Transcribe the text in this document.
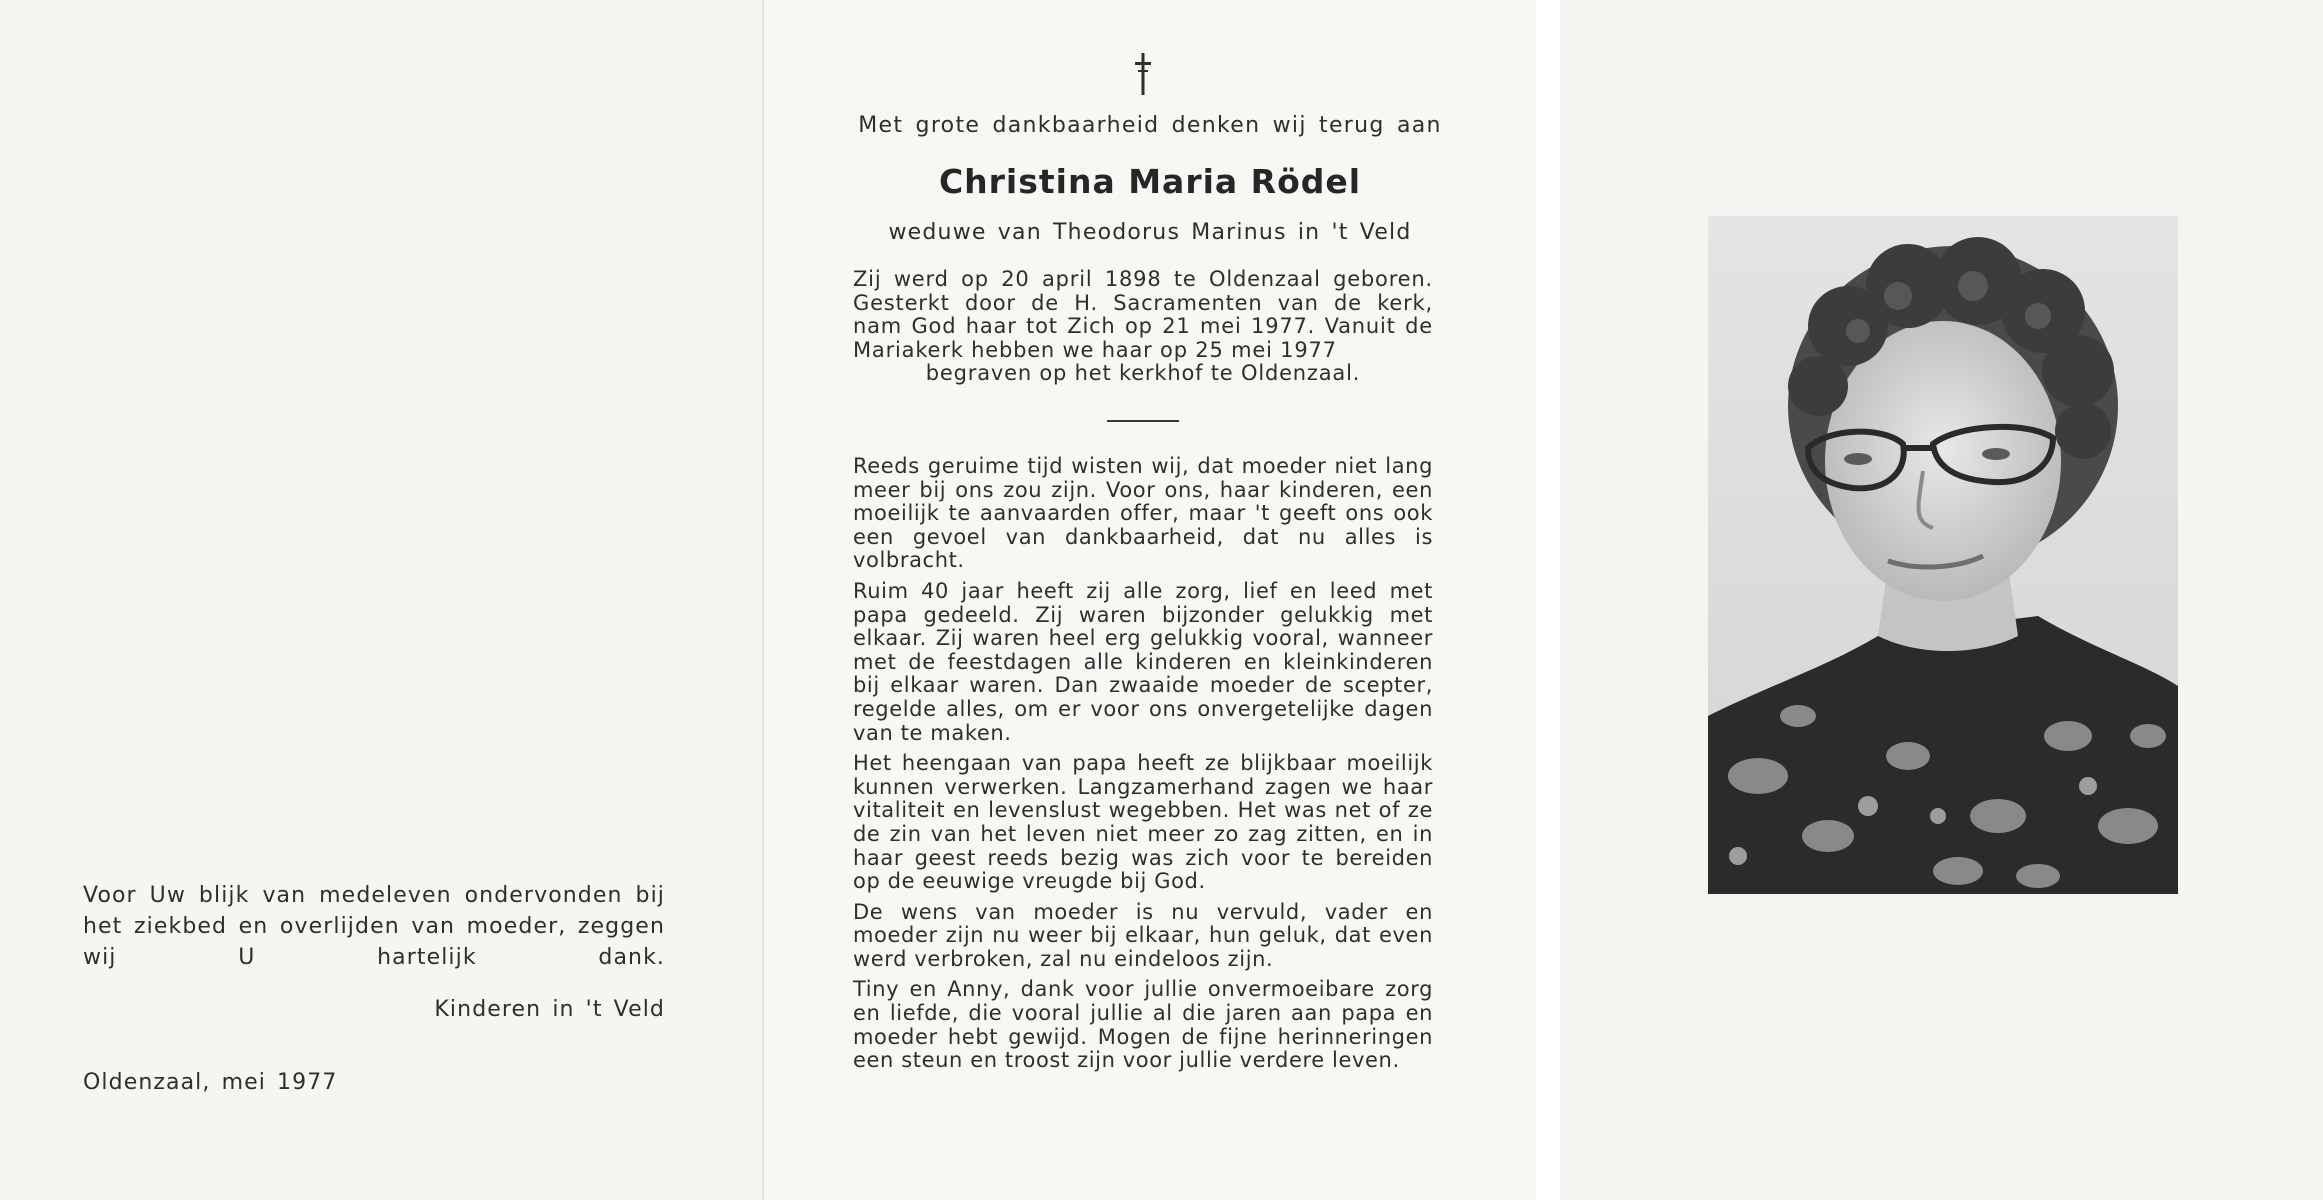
Voor Uw blijk van medeleven ondervonden bij het ziekbed en overlijden van moeder, zeggen wij U hartelijk dank.

Kinderen in 't Veld

Oldenzaal, mei 1977

Met grote dankbaarheid denken wij terug aan

Christina Maria Rödel

weduwe van Theodorus Marinus in 't Veld

Zij werd op 20 april 1898 te Oldenzaal geboren. Gesterkt door de H. Sacramenten van de kerk, nam God haar tot Zich op 21 mei 1977. Vanuit de Mariakerk hebben we haar op 25 mei 1977
begraven op het kerkhof te Oldenzaal.

Reeds geruime tijd wisten wij, dat moeder niet lang meer bij ons zou zijn. Voor ons, haar kinderen, een moeilijk te aanvaarden offer, maar 't geeft ons ook een gevoel van dankbaarheid, dat nu alles is volbracht.

Ruim 40 jaar heeft zij alle zorg, lief en leed met papa gedeeld. Zij waren bijzonder gelukkig met elkaar. Zij waren heel erg gelukkig vooral, wanneer met de feestdagen alle kinderen en kleinkinderen bij elkaar waren. Dan zwaaide moeder de scepter, regelde alles, om er voor ons onvergetelijke dagen van te maken.

Het heengaan van papa heeft ze blijkbaar moeilijk kunnen verwerken. Langzamerhand zagen we haar vitaliteit en levenslust wegebben. Het was net of ze de zin van het leven niet meer zo zag zitten, en in haar geest reeds bezig was zich voor te bereiden op de eeuwige vreugde bij God.

De wens van moeder is nu vervuld, vader en moeder zijn nu weer bij elkaar, hun geluk, dat even werd verbroken, zal nu eindeloos zijn.

Tiny en Anny, dank voor jullie onvermoeibare zorg en liefde, die vooral jullie al die jaren aan papa en moeder hebt gewijd. Mogen de fijne herinneringen een steun en troost zijn voor jullie verdere leven.
